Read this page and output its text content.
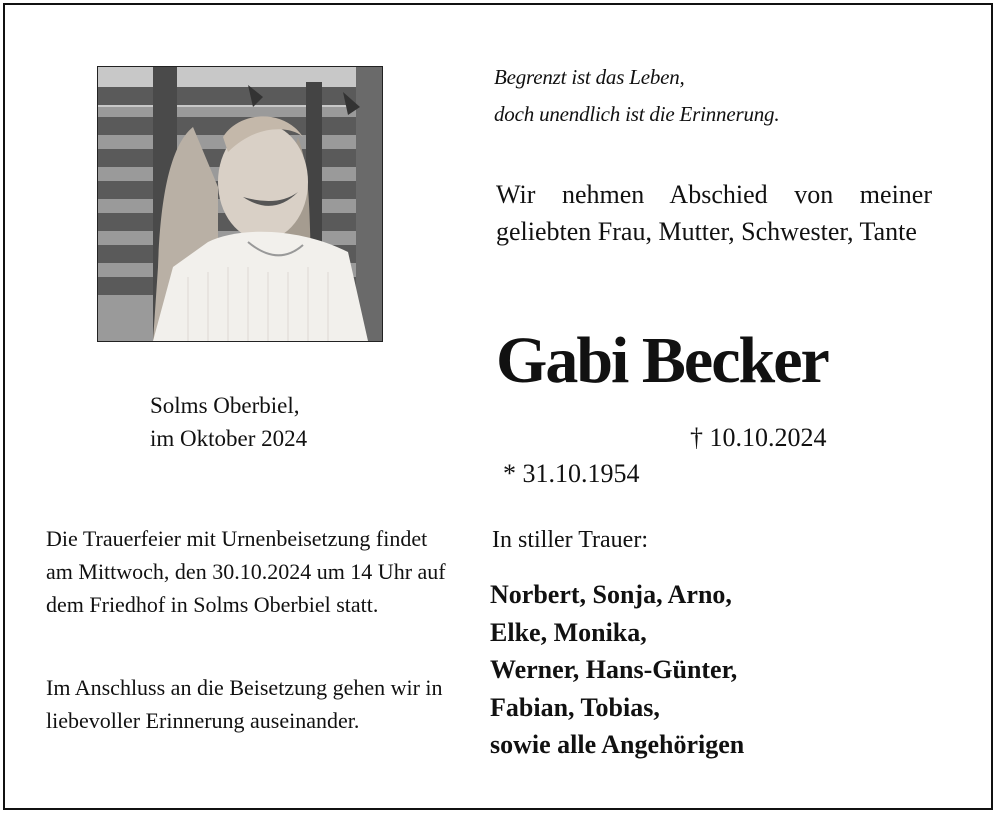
Solms Oberbiel,
im Oktober 2024
Begrenzt ist das Leben,
doch unendlich ist die Erinnerung.
Wir nehmen Abschied von meiner geliebten Frau, Mutter, Schwester, Tante
Gabi Becker

* 31.10.1954

† 10.10.2024

Die Trauerfeier mit Urnenbeisetzung findet am Mittwoch, den 30.10.2024 um 14 Uhr auf dem Friedhof in Solms Oberbiel statt.
Im Anschluss an die Beisetzung gehen wir in liebevoller Erinnerung auseinander.
In stiller Trauer:
Norbert, Sonja, Arno,
Elke, Monika,
Werner, Hans-Günter,
Fabian, Tobias,
sowie alle Angehörigen
